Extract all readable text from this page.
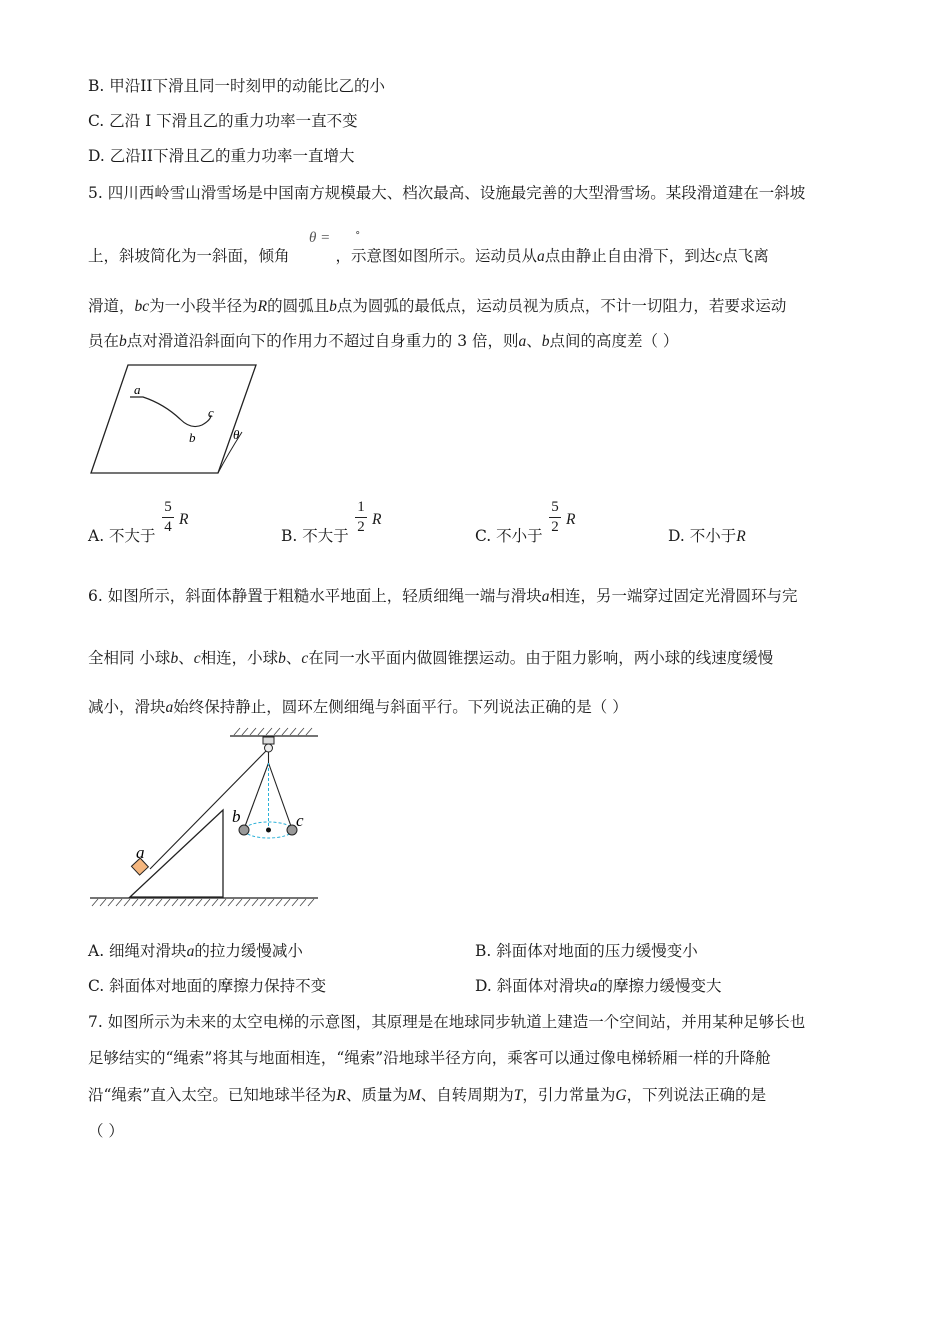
B. 甲沿II下滑且同一时刻甲的动能比乙的小
C. 乙沿 I 下滑且乙的重力功率一直不变
D. 乙沿II下滑且乙的重力功率一直增大
5. 四川西岭雪山滑雪场是中国南方规模最大、档次最高、设施最完善的大型滑雪场。某段滑道建在一斜坡
θ = ∘
上，斜坡简化为一斜面，倾角	，示意图如图所示。运动员从a点由静止自由滑下，到达c点飞离
滑道，bc为一小段半径为R的圆弧且b点为圆弧的最低点，运动员视为质点，不计一切阻力，若要求运动
员在b点对滑道沿斜面向下的作用力不超过自身重力的 3 倍，则a、b点间的高度差（ ）
a
b
c
θ
A. 不大于
5
4 R
B. 不大于
1
2 R
C. 不小于
5
2 R
D. 不小于R
6. 如图所示，斜面体静置于粗糙水平地面上，轻质细绳一端与滑块a相连，另一端穿过固定光滑圆环与完
全相同 小球b、c相连，小球b、c在同一水平面内做圆锥摆运动。由于阻力影响，两小球的线速度缓慢
减小，滑块a始终保持静止，圆环左侧细绳与斜面平行。下列说法正确的是（ ）
a
b	c
A. 细绳对滑块a的拉力缓慢减小	B. 斜面体对地面的压力缓慢变小
C. 斜面体对地面的摩擦力保持不变	D. 斜面体对滑块a的摩擦力缓慢变大
7. 如图所示为未来的太空电梯的示意图，其原理是在地球同步轨道上建造一个空间站，并用某种足够长也
足够结实的“绳索”将其与地面相连，“绳索”沿地球半径方向，乘客可以通过像电梯轿厢一样的升降舱
沿“绳索”直入太空。已知地球半径为R、质量为M、自转周期为T，引力常量为G，下列说法正确的是
（ ）
